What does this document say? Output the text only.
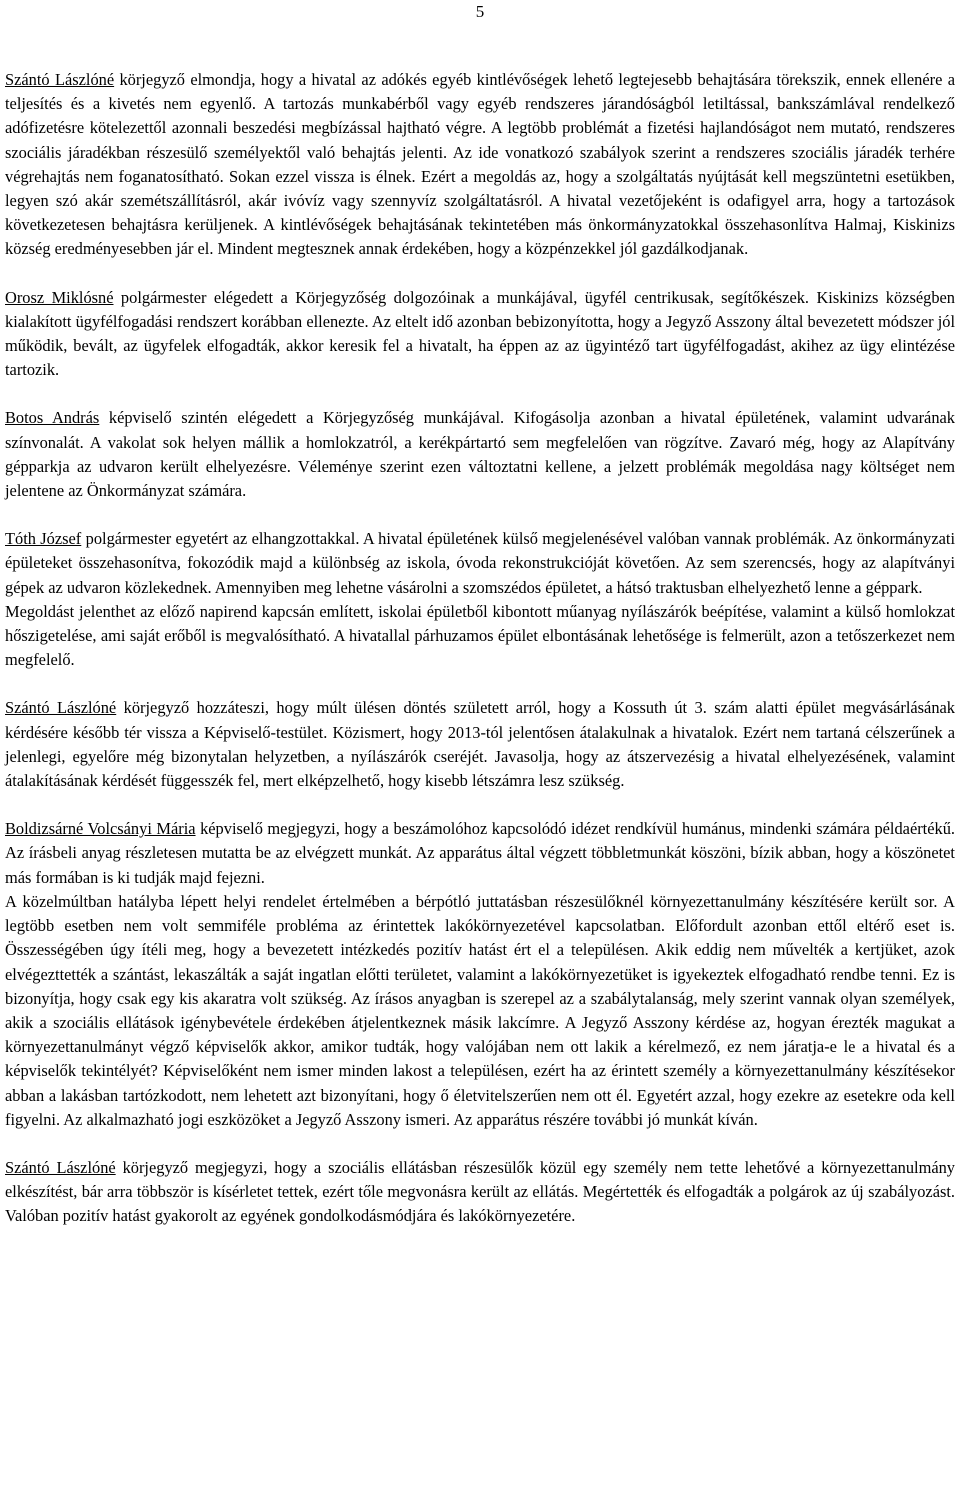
5

Szántó Lászlóné körjegyző elmondja, hogy a hivatal az adókés egyéb kintlévőségek lehető legtejesebb behajtására törekszik, ennek ellenére a teljesítés és a kivetés nem egyenlő. A tartozás munkabérből vagy egyéb rendszeres járandóságból letiltással, bankszámlával rendelkező adófizetésre kötelezettől azonnali beszedési megbízással hajtható végre. A legtöbb problémát a fizetési hajlandóságot nem mutató, rendszeres szociális járadékban részesülő személyektől való behajtás jelenti. Az ide vonatkozó szabályok szerint a rendszeres szociális járadék terhére végrehajtás nem foganatosítható. Sokan ezzel vissza is élnek. Ezért a megoldás az, hogy a szolgáltatás nyújtását kell megszüntetni esetükben, legyen szó akár szemétszállításról, akár ivóvíz vagy szennyvíz szolgáltatásról. A hivatal vezetőjeként is odafigyel arra, hogy a tartozások következetesen behajtásra kerüljenek. A kintlévőségek behajtásának tekintetében más önkormányzatokkal összehasonlítva Halmaj, Kiskinizs község eredményesebben jár el. Mindent megtesznek annak érdekében, hogy a közpénzekkel jól gazdálkodjanak.

Orosz Miklósné polgármester elégedett a Körjegyzőség dolgozóinak a munkájával, ügyfél centrikusak, segítőkészek. Kiskinizs községben kialakított ügyfélfogadási rendszert korábban ellenezte. Az eltelt idő azonban bebizonyította, hogy a Jegyző Asszony által bevezetett módszer jól működik, bevált, az ügyfelek elfogadták, akkor keresik fel a hivatalt, ha éppen az az ügyintéző tart ügyfélfogadást, akihez az ügy elintézése tartozik.

Botos András képviselő szintén elégedett a Körjegyzőség munkájával. Kifogásolja azonban a hivatal épületének, valamint udvarának színvonalát. A vakolat sok helyen mállik a homlokzatról, a kerékpártartó sem megfelelően van rögzítve. Zavaró még, hogy az Alapítvány gépparkja az udvaron került elhelyezésre. Véleménye szerint ezen változtatni kellene, a jelzett problémák megoldása nagy költséget nem jelentene az Önkormányzat számára.

Tóth József polgármester egyetért az elhangzottakkal. A hivatal épületének külső megjelenésével valóban vannak problémák. Az önkormányzati épületeket összehasonítva, fokozódik majd a különbség az iskola, óvoda rekonstrukcióját követően. Az sem szerencsés, hogy az alapítványi gépek az udvaron közlekednek. Amennyiben meg lehetne vásárolni a szomszédos épületet, a hátsó traktusban elhelyezhető lenne a géppark.

Megoldást jelenthet az előző napirend kapcsán említett, iskolai épületből kibontott műanyag nyílászárók beépítése, valamint a külső homlokzat hőszigetelése, ami saját erőből is megvalósítható. A hivatallal párhuzamos épület elbontásának lehetősége is felmerült, azon a tetőszerkezet nem megfelelő.

Szántó Lászlóné körjegyző hozzáteszi, hogy múlt ülésen döntés született arról, hogy a Kossuth út 3. szám alatti épület megvásárlásának kérdésére később tér vissza a Képviselő-testület. Közismert, hogy 2013-tól jelentősen átalakulnak a hivatalok. Ezért nem tartaná célszerűnek a jelenlegi, egyelőre még bizonytalan helyzetben, a nyílászárók cseréjét. Javasolja, hogy az átszervezésig a hivatal elhelyezésének, valamint átalakításának kérdését függesszék fel, mert elképzelhető, hogy kisebb létszámra lesz szükség.

Boldizsárné Volcsányi Mária képviselő megjegyzi, hogy a beszámolóhoz kapcsolódó idézet rendkívül humánus, mindenki számára példaértékű. Az írásbeli anyag részletesen mutatta be az elvégzett munkát. Az apparátus által végzett többletmunkát köszöni, bízik abban, hogy a köszönetet más formában is ki tudják majd fejezni.

A közelmúltban hatályba lépett helyi rendelet értelmében a bérpótló juttatásban részesülőknél környezettanulmány készítésére került sor. A legtöbb esetben nem volt semmiféle probléma az érintettek lakókörnyezetével kapcsolatban. Előfordult azonban ettől eltérő eset is. Összességében úgy ítéli meg, hogy a bevezetett intézkedés pozitív hatást ért el a településen. Akik eddig nem művelték a kertjüket, azok elvégezttették a szántást, lekaszálták a saját ingatlan előtti területet, valamint a lakókörnyezetüket is igyekeztek elfogadható rendbe tenni. Ez is bizonyítja, hogy csak egy kis akaratra volt szükség. Az írásos anyagban is szerepel az a szabálytalanság, mely szerint vannak olyan személyek, akik a szociális ellátások igénybevétele érdekében átjelentkeznek másik lakcímre. A Jegyző Asszony kérdése az, hogyan érezték magukat a környezettanulmányt végző képviselők akkor, amikor tudták, hogy valójában nem ott lakik a kérelmező, ez nem járatja-e le a hivatal és a képviselők tekintélyét? Képviselőként nem ismer minden lakost a településen, ezért ha az érintett személy a környezettanulmány készítésekor abban a lakásban tartózkodott, nem lehetett azt bizonyítani, hogy ő életvitelszerűen nem ott él. Egyetért azzal, hogy ezekre az esetekre oda kell figyelni. Az alkalmazható jogi eszközöket a Jegyző Asszony ismeri. Az apparátus részére további jó munkát kíván.

Szántó Lászlóné körjegyző megjegyzi, hogy a szociális ellátásban részesülők közül egy személy nem tette lehetővé a környezettanulmány elkészítést, bár arra többször is kísérletet tettek, ezért tőle megvonásra került az ellátás. Megértették és elfogadták a polgárok az új szabályozást. Valóban pozitív hatást gyakorolt az egyének gondolkodásmódjára és lakókörnyezetére.
